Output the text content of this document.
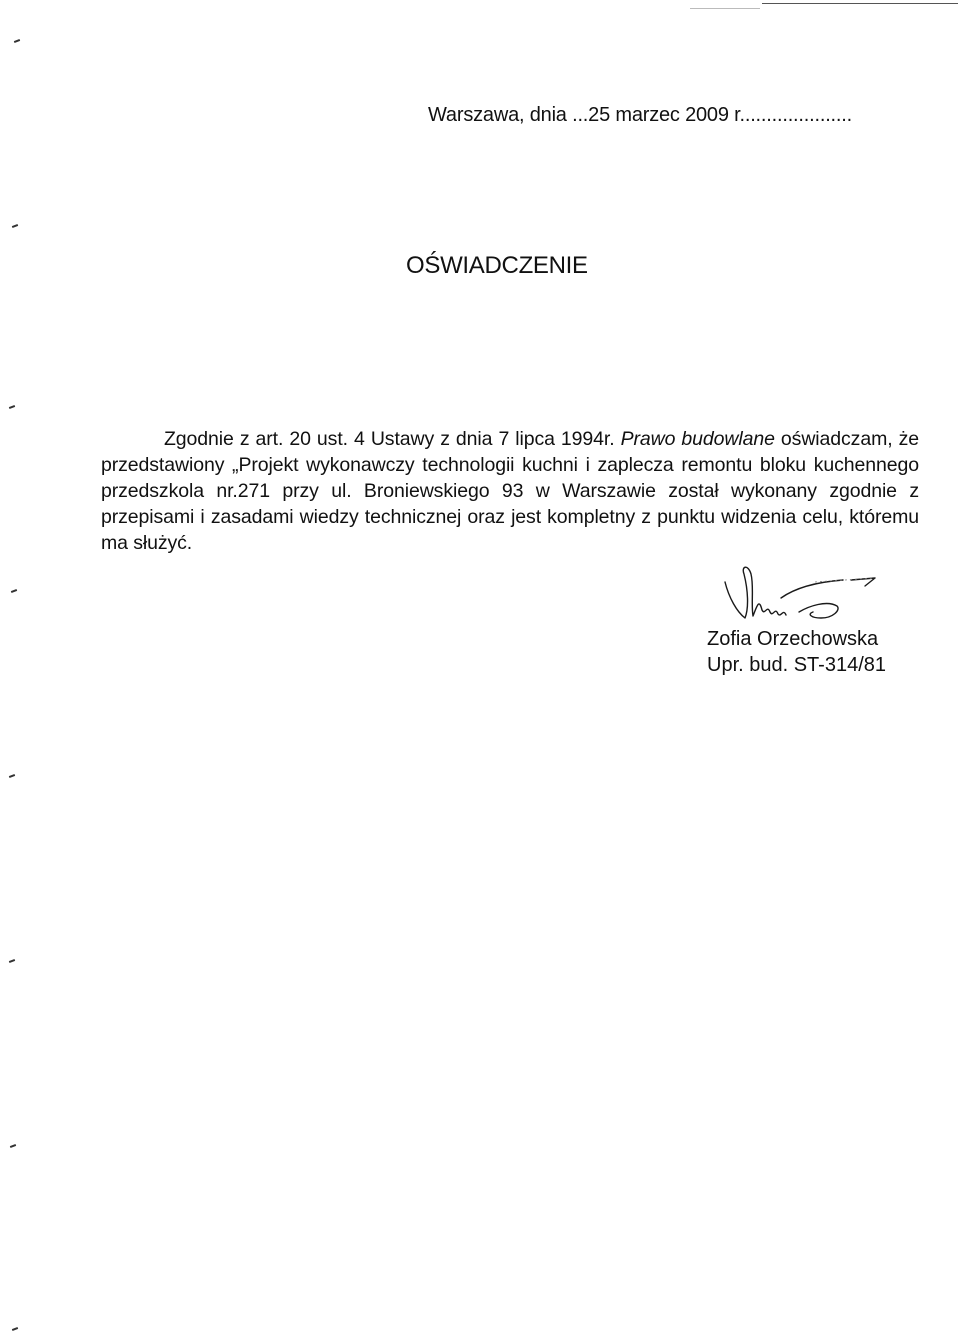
Warszawa, dnia ...25 marzec 2009 r.....................
OŚWIADCZENIE

Zgodnie z art. 20 ust. 4 Ustawy z dnia 7 lipca 1994r. Prawo budowlane oświadczam, że przedstawiony „Projekt wykonawczy technologii kuchni i zaplecza remontu bloku kuchennego przedszkola nr.271 przy ul. Broniewskiego 93 w Warszawie został wykonany zgodnie z przepisami i zasadami wiedzy technicznej oraz jest kompletny z punktu widzenia celu, któremu ma służyć.

Zofia Orzechowska
Upr. bud. ST-314/81
